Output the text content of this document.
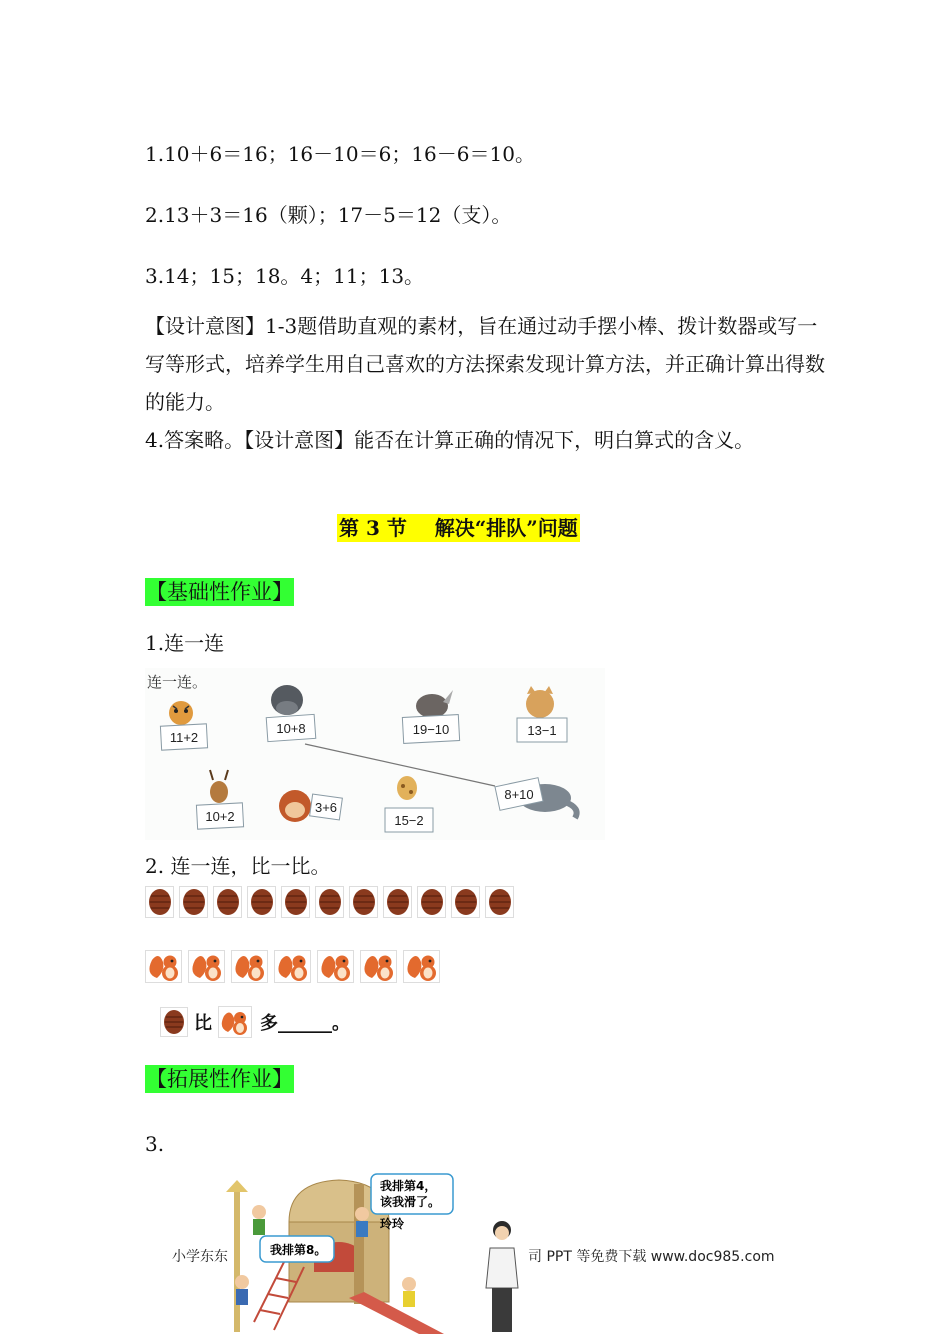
1.10＋6＝16；16－10＝6；16－6＝10。
2.13＋3＝16（颗）；17－5＝12（支）。
3.14；15；18。4；11；13。
【设计意图】1-3题借助直观的素材，旨在通过动手摆小棒、拨计数器或写一写等形式，培养学生用自己喜欢的方法探索发现计算方法，并正确计算出得数的能力。
4.答案略。【设计意图】能否在计算正确的情况下，明白算式的含义。
第 3 节    解决“排队”问题
【基础性作业】
1.连一连
连一连。
11+2
10+8	19−10	13−1
10+2
3+6
15−2
8+10
2. 连一连，比一比。
比	多______。
【拓展性作业】
3.
我排第4，
该我滑了。
玲玲
我排第8。
小学东东	司 PPT 等免费下载 www.doc985.com
